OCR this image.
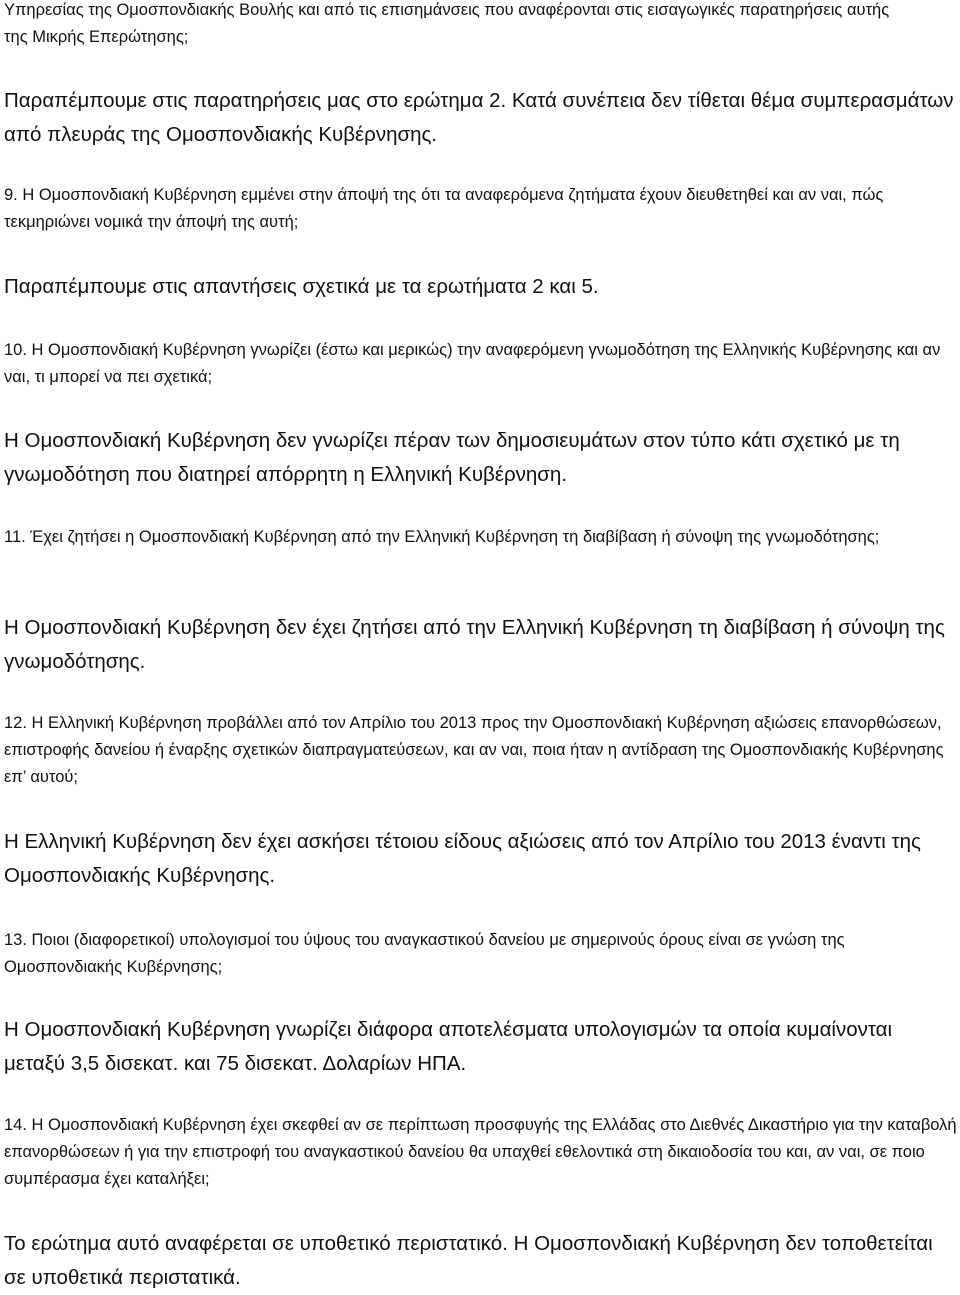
Υπηρεσίας της Ομοσπονδιακής Βουλής και από τις επισημάνσεις που αναφέρονται στις εισαγωγικές παρατηρήσεις αυτής της Μικρής Επερώτησης;

Παραπέμπουμε στις παρατηρήσεις μας στο ερώτημα 2. Κατά συνέπεια δεν τίθεται θέμα συμπερασμάτων από πλευράς της Ομοσπονδιακής Κυβέρνησης.

9. Η Ομοσπονδιακή Κυβέρνηση εμμένει στην άποψή της ότι τα αναφερόμενα ζητήματα έχουν διευθετηθεί και αν ναι, πώς τεκμηριώνει νομικά την άποψή της αυτή;

Παραπέμπουμε στις απαντήσεις σχετικά με τα ερωτήματα 2 και 5.

10. Η Ομοσπονδιακή Κυβέρνηση γνωρίζει (έστω και μερικώς) την αναφερόμενη γνωμοδότηση της Ελληνικής Κυβέρνησης και αν ναι, τι μπορεί να πει σχετικά;

Η Ομοσπονδιακή Κυβέρνηση δεν γνωρίζει πέραν των δημοσιευμάτων στον τύπο κάτι σχετικό με τη γνωμοδότηση που διατηρεί απόρρητη η Ελληνική Κυβέρνηση.

11. Έχει ζητήσει η Ομοσπονδιακή Κυβέρνηση από την Ελληνική Κυβέρνηση τη διαβίβαση ή σύνοψη της γνωμοδότησης;

Η Ομοσπονδιακή Κυβέρνηση δεν έχει ζητήσει από την Ελληνική Κυβέρνηση τη διαβίβαση ή σύνοψη της γνωμοδότησης.

12. Η Ελληνική Κυβέρνηση προβάλλει από τον Απρίλιο του 2013 προς την Ομοσπονδιακή Κυβέρνηση αξιώσεις επανορθώσεων, επιστροφής δανείου ή έναρξης σχετικών διαπραγματεύσεων, και αν ναι, ποια ήταν η αντίδραση της Ομοσπονδιακής Κυβέρνησης επ’ αυτού;

Η Ελληνική Κυβέρνηση δεν έχει ασκήσει τέτοιου είδους αξιώσεις από τον Απρίλιο του 2013 έναντι της Ομοσπονδιακής Κυβέρνησης.

13. Ποιοι (διαφορετικοί) υπολογισμοί του ύψους του αναγκαστικού δανείου με σημερινούς όρους είναι σε γνώση της Ομοσπονδιακής Κυβέρνησης;

Η Ομοσπονδιακή Κυβέρνηση γνωρίζει διάφορα αποτελέσματα υπολογισμών τα οποία κυμαίνονται μεταξύ 3,5 δισεκατ. και 75 δισεκατ. Δολαρίων ΗΠΑ.

14. Η Ομοσπονδιακή Κυβέρνηση έχει σκεφθεί αν σε περίπτωση προσφυγής της Ελλάδας στο Διεθνές Δικαστήριο για την καταβολή επανορθώσεων ή για την επιστροφή του αναγκαστικού δανείου θα υπαχθεί εθελοντικά στη δικαιοδοσία του και, αν ναι, σε ποιο συμπέρασμα έχει καταλήξει;

Το ερώτημα αυτό αναφέρεται σε υποθετικό περιστατικό. Η Ομοσπονδιακή Κυβέρνηση δεν τοποθετείται σε υποθετικά περιστατικά.
